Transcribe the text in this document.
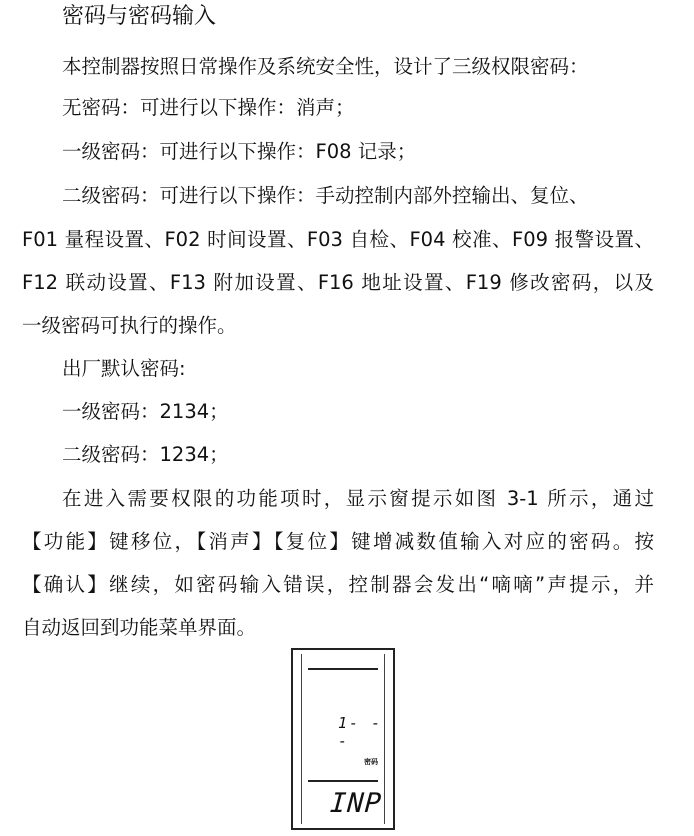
密码与密码输入
本控制器按照日常操作及系统安全性，设计了三级权限密码：
无密码：可进行以下操作：消声；
一级密码：可进行以下操作：F08 记录；
二级密码：可进行以下操作：手动控制内部外控输出、复位、
F01 量程设置、F02 时间设置、F03 自检、F04 校准、F09 报警设置、
F12 联动设置、F13 附加设置、F16 地址设置、F19 修改密码，以及
一级密码可执行的操作。
出厂默认密码:
一级密码：2134；
二级密码：1234；
在进入需要权限的功能项时，显示窗提示如图 3-1 所示，通过
【功能】键移位，【消声】【复位】键增减数值输入对应的密码。按
【确认】继续，如密码输入错误，控制器会发出“嘀嘀”声提示，并
自动返回到功能菜单界面。
1- - -
密码
INP
